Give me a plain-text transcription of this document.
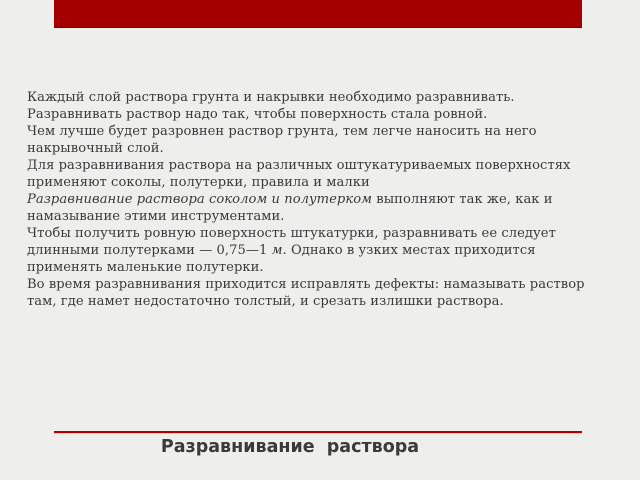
Каждый слой раствора грунта и накрывки необходимо разравнивать. Разравнивать раствор надо так, чтобы поверхность стала ровной.

Чем лучше будет разровнен раствор грунта, тем легче наносить на него накрывочный слой.

Для разравнивания раствора на различных оштукатуриваемых поверхностях применяют соколы, полутерки, правила и малки

Разравнивание раствора соколом и полутерком выполняют так же, как и намазывание этими инструментами.

Чтобы получить ровную поверхность штукатурки, разравнивать ее следует длинными полутерками — 0,75—1 м. Однако в узких местах приходится применять маленькие полутерки.

Во время разравнивания приходится исправлять дефекты: намазывать раствор там, где намет недостаточно толстый, и срезать излишки раствора.

Разравнивание  раствора
